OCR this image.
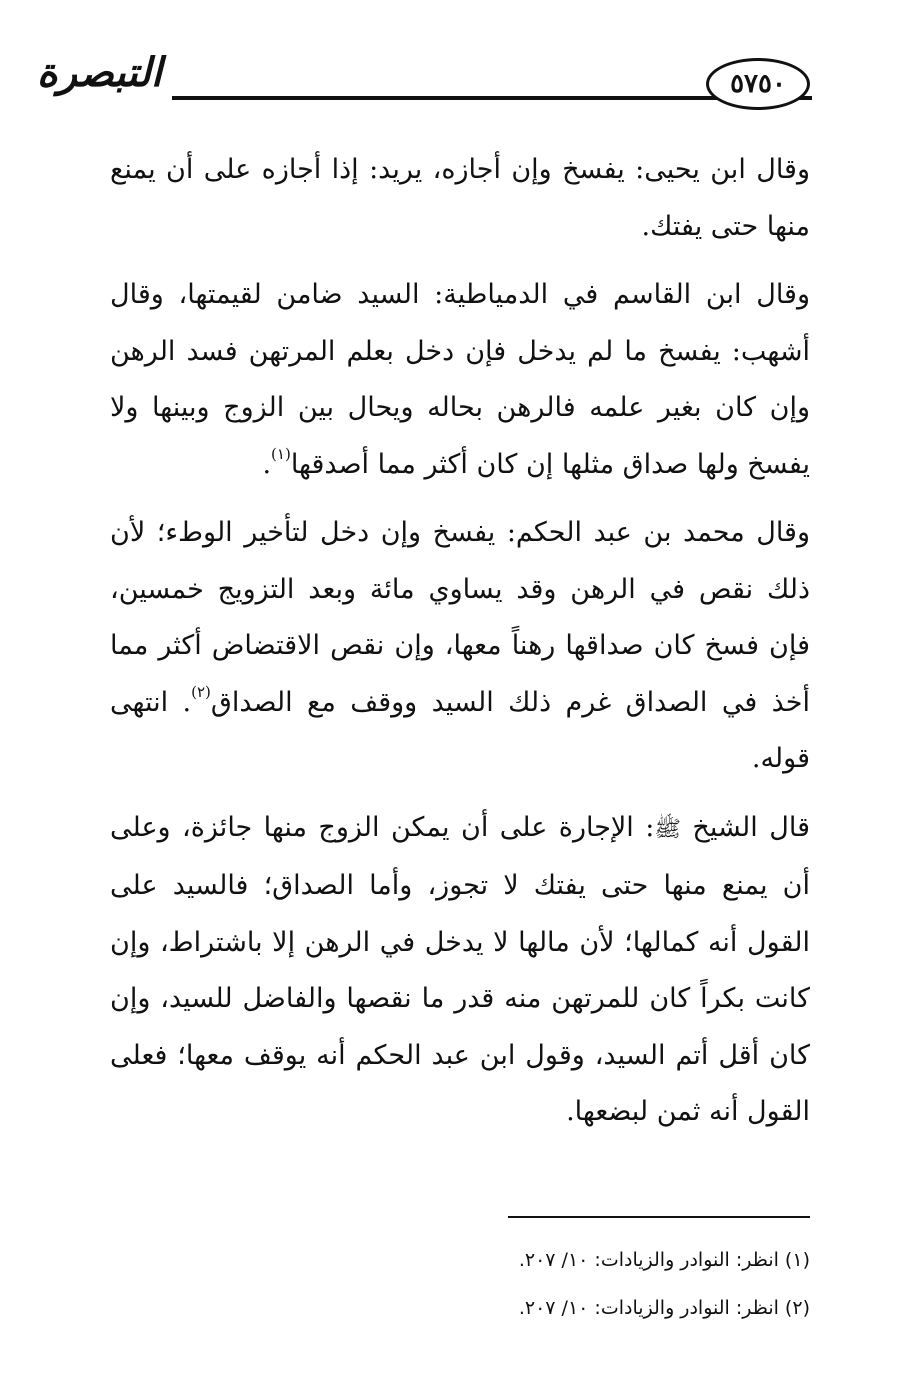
٥٧٥٠
التبصرة

وقال ابن يحيى: يفسخ وإن أجازه، يريد: إذا أجازه على أن يمنع منها حتى يفتك.

وقال ابن القاسم في الدمياطية: السيد ضامن لقيمتها، وقال أشهب: يفسخ ما لم يدخل فإن دخل بعلم المرتهن فسد الرهن وإن كان بغير علمه فالرهن بحاله ويحال بين الزوج وبينها ولا يفسخ ولها صداق مثلها إن كان أكثر مما أصدقها$^{(١)}$.

وقال محمد بن عبد الحكم: يفسخ وإن دخل لتأخير الوطء؛ لأن ذلك نقص في الرهن وقد يساوي مائة وبعد التزويج خمسين، فإن فسخ كان صداقها رهناً معها، وإن نقص الاقتضاض أكثر مما أخذ في الصداق غرم ذلك السيد ووقف مع الصداق$^{(٢)}$. انتهى قوله.

قال الشيخ ﷺ: الإجارة على أن يمكن الزوج منها جائزة، وعلى أن يمنع منها حتى يفتك لا تجوز، وأما الصداق؛ فالسيد على القول أنه كمالها؛ لأن مالها لا يدخل في الرهن إلا باشتراط، وإن كانت بكراً كان للمرتهن منه قدر ما نقصها والفاضل للسيد، وإن كان أقل أتم السيد، وقول ابن عبد الحكم أنه يوقف معها؛ فعلى القول أنه ثمن لبضعها.

(١) انظر: النوادر والزيادات: ١٠/ ٢٠٧.

(٢) انظر: النوادر والزيادات: ١٠/ ٢٠٧.
